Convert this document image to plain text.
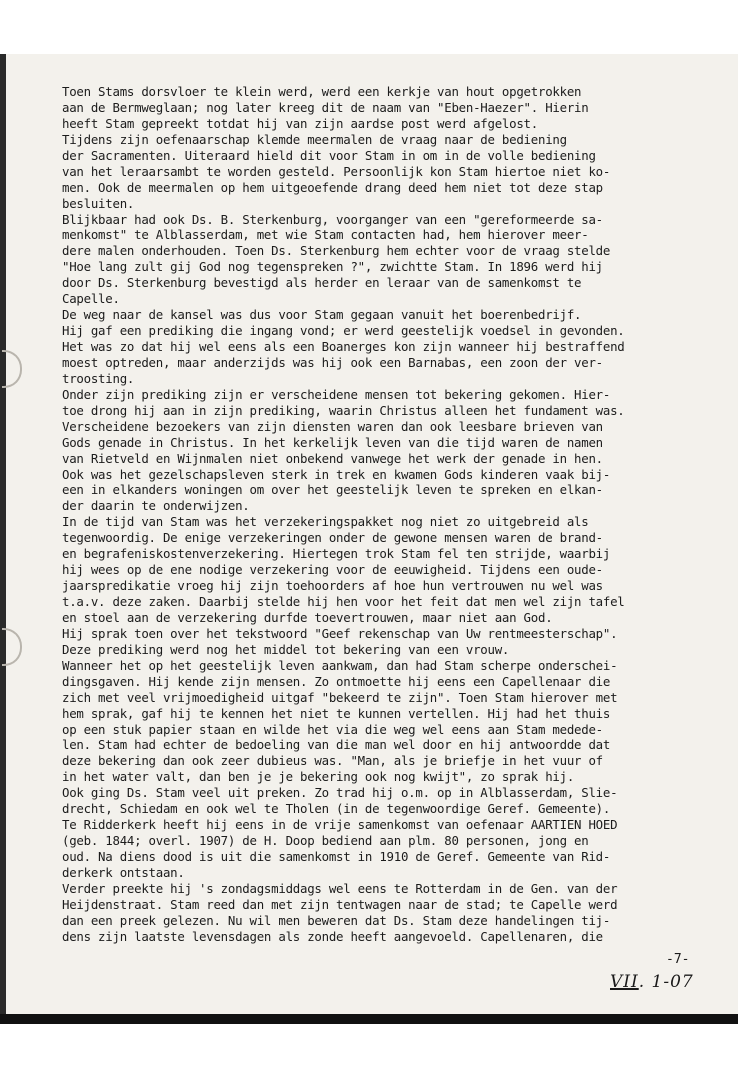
Toen Stams dorsvloer te klein werd, werd een kerkje van hout opgetrokken
aan de Bermweglaan; nog later kreeg dit de naam van "Eben-Haezer". Hierin
heeft Stam gepreekt totdat hij van zijn aardse post werd afgelost.
Tijdens zijn oefenaarschap klemde meermalen de vraag naar de bediening
der Sacramenten. Uiteraard hield dit voor Stam in om in de volle bediening
van het leraarsambt te worden gesteld. Persoonlijk kon Stam hiertoe niet ko-
men. Ook de meermalen op hem uitgeoefende drang deed hem niet tot deze stap
besluiten.
Blijkbaar had ook Ds. B. Sterkenburg, voorganger van een "gereformeerde sa-
menkomst" te Alblasserdam, met wie Stam contacten had, hem hierover meer-
dere malen onderhouden. Toen Ds. Sterkenburg hem echter voor de vraag stelde
"Hoe lang zult gij God nog tegenspreken ?", zwichtte Stam. In 1896 werd hij
door Ds. Sterkenburg bevestigd als herder en leraar van de samenkomst te
Capelle.
De weg naar de kansel was dus voor Stam gegaan vanuit het boerenbedrijf.
Hij gaf een prediking die ingang vond; er werd geestelijk voedsel in gevonden.
Het was zo dat hij wel eens als een Boanerges kon zijn wanneer hij bestraffend
moest optreden, maar anderzijds was hij ook een Barnabas, een zoon der ver-
troosting.
Onder zijn prediking zijn er verscheidene mensen tot bekering gekomen. Hier-
toe drong hij aan in zijn prediking, waarin Christus alleen het fundament was.
Verscheidene bezoekers van zijn diensten waren dan ook leesbare brieven van
Gods genade in Christus. In het kerkelijk leven van die tijd waren de namen
van Rietveld en Wijnmalen niet onbekend vanwege het werk der genade in hen.
Ook was het gezelschapsleven sterk in trek en kwamen Gods kinderen vaak bij-
een in elkanders woningen om over het geestelijk leven te spreken en elkan-
der daarin te onderwijzen.
In de tijd van Stam was het verzekeringspakket nog niet zo uitgebreid als
tegenwoordig. De enige verzekeringen onder de gewone mensen waren de brand-
en begrafeniskostenverzekering. Hiertegen trok Stam fel ten strijde, waarbij
hij wees op de ene nodige verzekering voor de eeuwigheid. Tijdens een oude-
jaarspredikatie vroeg hij zijn toehoorders af hoe hun vertrouwen nu wel was
t.a.v. deze zaken. Daarbij stelde hij hen voor het feit dat men wel zijn tafel
en stoel aan de verzekering durfde toevertrouwen, maar niet aan God.
Hij sprak toen over het tekstwoord "Geef rekenschap van Uw rentmeesterschap".
Deze prediking werd nog het middel tot bekering van een vrouw.
Wanneer het op het geestelijk leven aankwam, dan had Stam scherpe onderschei-
dingsgaven. Hij kende zijn mensen. Zo ontmoette hij eens een Capellenaar die
zich met veel vrijmoedigheid uitgaf "bekeerd te zijn". Toen Stam hierover met
hem sprak, gaf hij te kennen het niet te kunnen vertellen. Hij had het thuis
op een stuk papier staan en wilde het via die weg wel eens aan Stam medede-
len. Stam had echter de bedoeling van die man wel door en hij antwoordde dat
deze bekering dan ook zeer dubieus was. "Man, als je briefje in het vuur of
in het water valt, dan ben je je bekering ook nog kwijt", zo sprak hij.
Ook ging Ds. Stam veel uit preken. Zo trad hij o.m. op in Alblasserdam, Slie-
drecht, Schiedam en ook wel te Tholen (in de tegenwoordige Geref. Gemeente).
Te Ridderkerk heeft hij eens in de vrije samenkomst van oefenaar AARTIEN HOED
(geb. 1844; overl. 1907) de H. Doop bediend aan plm. 80 personen, jong en
oud. Na diens dood is uit die samenkomst in 1910 de Geref. Gemeente van Rid-
derkerk ontstaan.
Verder preekte hij 's zondagsmiddags wel eens te Rotterdam in de Gen. van der
Heijdenstraat. Stam reed dan met zijn tentwagen naar de stad; te Capelle werd
dan een preek gelezen. Nu wil men beweren dat Ds. Stam deze handelingen tij-
dens zijn laatste levensdagen als zonde heeft aangevoeld. Capellenaren, die
-7-
VII. 1-07
